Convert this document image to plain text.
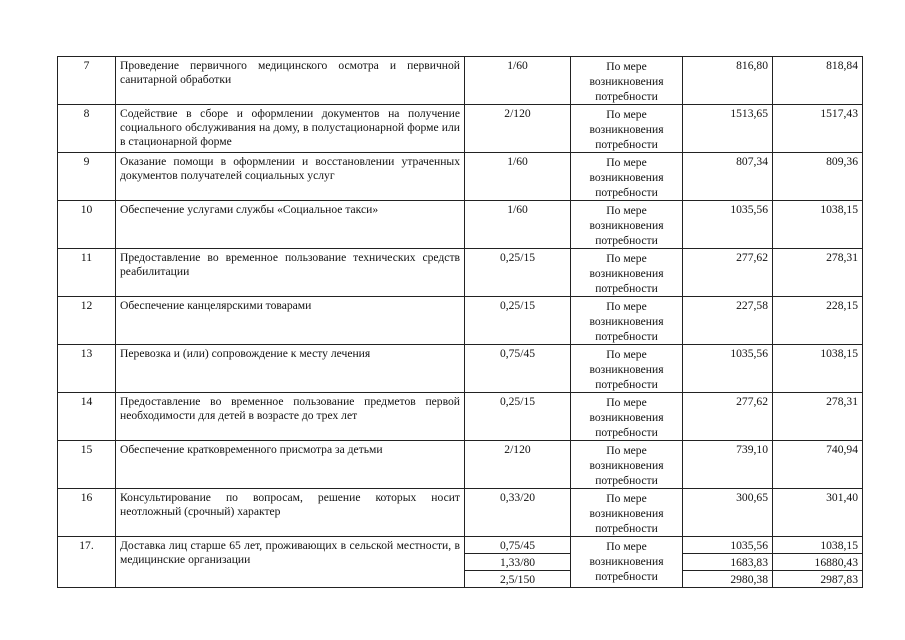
7	Проведение первичного медицинского осмотра и первичной санитарной обработки	1/60	По мере
возникновения
потребности	816,80	818,84
8	Содействие в сборе и оформлении документов на получение социального обслуживания на дому, в полустационарной форме или в стационарной форме	2/120	По мере
возникновения
потребности	1513,65	1517,43
9	Оказание помощи в оформлении и восстановлении утраченных документов получателей социальных услуг	1/60	По мере
возникновения
потребности	807,34	809,36
10	Обеспечение услугами службы «Социальное такси»	1/60	По мере
возникновения
потребности	1035,56	1038,15
11	Предоставление во временное пользование технических средств реабилитации	0,25/15	По мере
возникновения
потребности	277,62	278,31
12	Обеспечение канцелярскими товарами	0,25/15	По мере
возникновения
потребности	227,58	228,15
13	Перевозка и (или) сопровождение к месту лечения	0,75/45	По мере
возникновения
потребности	1035,56	1038,15
14	Предоставление во временное пользование предметов первой необходимости для детей в возрасте до трех лет	0,25/15	По мере
возникновения
потребности	277,62	278,31
15	Обеспечение кратковременного присмотра за детьми	2/120	По мере
возникновения
потребности	739,10	740,94
16	Консультирование по вопросам, решение которых носит неотложный (срочный) характер	0,33/20	По мере
возникновения
потребности	300,65	301,40
17.	Доставка лиц старше 65 лет, проживающих в сельской местности, в медицинские организации	0,75/45	По мере
возникновения
потребности	1035,56	1038,15
		1,33/80		1683,83	16880,43
		2,5/150		2980,38	2987,83
